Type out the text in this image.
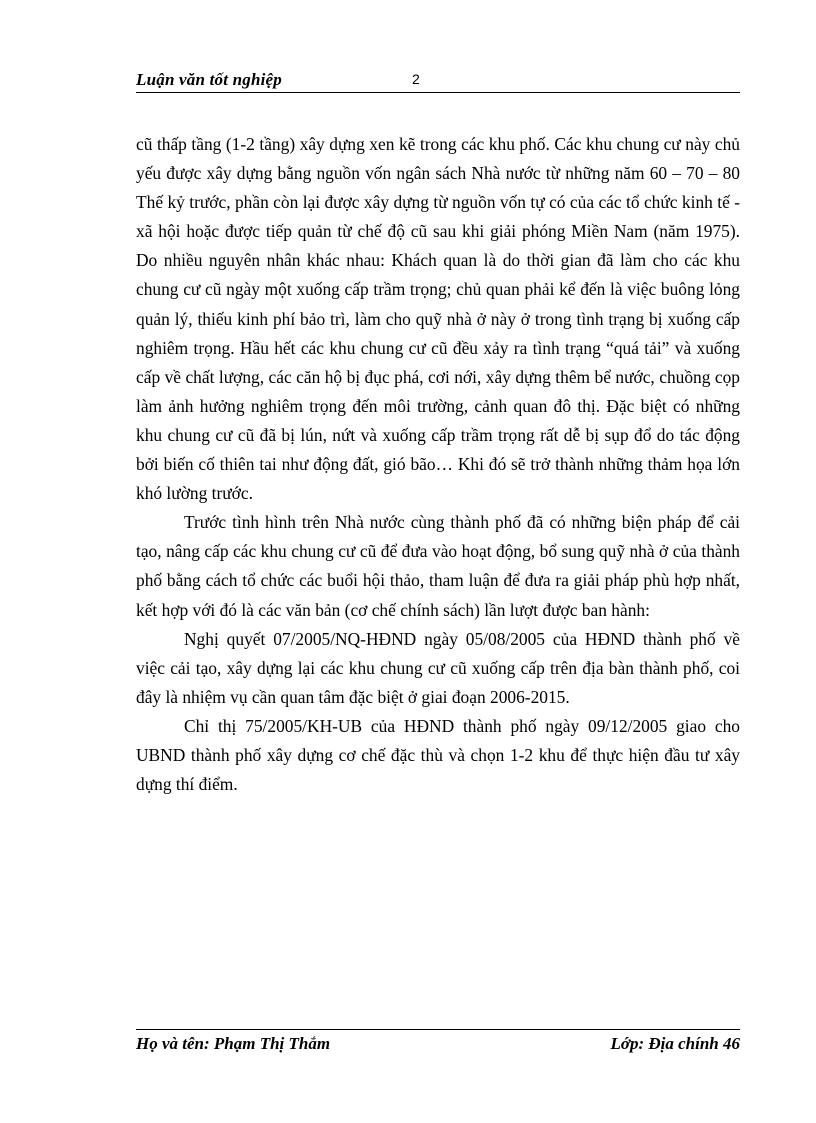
Luận văn tốt nghiệp	2

cũ thấp tầng (1-2 tầng) xây dựng xen kẽ trong các khu phố. Các khu chung cư này chủ yếu được xây dựng bằng nguồn vốn ngân sách Nhà nước từ những năm 60 – 70 – 80 Thế kỷ trước, phần còn lại được xây dựng từ nguồn vốn tự có của các tổ chức kinh tế - xã hội hoặc được tiếp quản từ chế độ cũ sau khi giải phóng Miền Nam (năm 1975). Do nhiều nguyên nhân khác nhau: Khách quan là do thời gian đã làm cho các khu chung cư cũ ngày một xuống cấp trầm trọng; chủ quan phải kể đến là việc buông lỏng quản lý, thiếu kinh phí bảo trì, làm cho quỹ nhà ở này ở trong tình trạng bị xuống cấp nghiêm trọng. Hầu hết các khu chung cư cũ đều xảy ra tình trạng “quá tải” và xuống cấp về chất lượng, các căn hộ bị đục phá, cơi nới, xây dựng thêm bể nước, chuồng cọp làm ảnh hưởng nghiêm trọng đến môi trường, cảnh quan đô thị. Đặc biệt có những khu chung cư cũ đã bị lún, nứt và xuống cấp trầm trọng rất dễ bị sụp đổ do tác động bởi biến cố thiên tai như động đất, gió bão… Khi đó sẽ trở thành những thảm họa lớn khó lường trước.

Trước tình hình trên Nhà nước cùng thành phố đã có những biện pháp để cải tạo, nâng cấp các khu chung cư cũ để đưa vào hoạt động, bổ sung quỹ nhà ở của thành phố bằng cách tổ chức các buổi hội thảo, tham luận để đưa ra giải pháp phù hợp nhất, kết hợp với đó là các văn bản (cơ chế chính sách) lần lượt được ban hành:

Nghị quyết 07/2005/NQ-HĐND ngày 05/08/2005 của HĐND thành phố về việc cải tạo, xây dựng lại các khu chung cư cũ xuống cấp trên địa bàn thành phố, coi đây là nhiệm vụ cần quan tâm đặc biệt ở giai đoạn 2006-2015.

Chỉ thị 75/2005/KH-UB của HĐND thành phố ngày 09/12/2005 giao cho UBND thành phố xây dựng cơ chế đặc thù và chọn 1-2 khu để thực hiện đầu tư xây dựng thí điểm.

Họ và tên: Phạm Thị Thắm	Lớp: Địa chính 46
